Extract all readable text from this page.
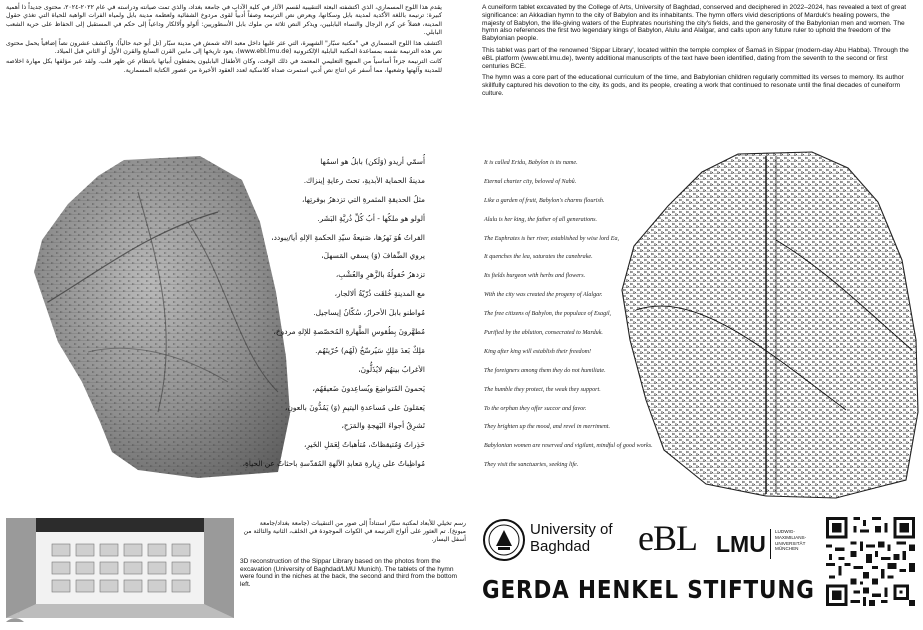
يقدم هذا اللوح المسماري، الذي اكتشفته البعثة التنقيبية لقسم الآثار في كلية الآداب في جامعة بغداد، والذي تمت صيانته ودراسته في عام ٢٠٢٢-٢٠٢٤، محتوى جديداً ذا أهمية كبيرة: ترنيمة باللغة الأكدية لمدينة بابل وسكانها، ويعرض نص الترنيمة وصفاً أدبياً لقوى مردوخ الشفائية ولعظمة مدينة بابل ولمياه الفرات الواهبة للحياة التي تغذي حقول المدينة، فضلاً عن كرم الرجال والنساء البابليين، ويذكر النص ثلاثة من ملوك بابل الأسطوريين: ألولو وألالكار وداعياً إلى حكم في المستقبل إلى الحفاظ على حرية الشعب البابلي.

اكتشف هذا اللوح المسماري في "مكتبة سبّار" الشهيرة، التي عثر عليها داخل معبد الاله شمش في مدينة سبّار (تل أبو حبة حالياً). واكتشف عشرون نصاً إضافياً يحمل محتوى نص هذه الترنيمة نفسه بمساعدة المكتبة البابلية الإلكترونية (www.ebl.lmu.de)، يعود تاريخها إلى مابين القرن السابع والقرن الأول أو الثاني قبل الميلاد.

كانت الترنيمة جزءاً أساسياً من المنهج التعليمي المعتمد في ذلك الوقت، وكان الأطفال البابليون يحفظون أبياتها بانتظام عن ظهر قلب. ولقد عبر مؤلفها بكل مهارة اخلاصه للمدينة وآلهتها وشعبها، مما أسفر عن انتاج نص أدبي استمرت صداه كلاسكية لعدد العقود الأخيرة من عصور الكتابة المسمارية.

A cuneiform tablet excavated by the College of Arts, University of Baghdad, conserved and deciphered in 2022–2024, has revealed a text of great significance: an Akkadian hymn to the city of Babylon and its inhabitants. The hymn offers vivid descriptions of Marduk's healing powers, the majesty of Babylon, the life-giving waters of the Euphrates nourishing the city's fields, and the generosity of the Babylonian men and women. The hymn also references the first two legendary kings of Babylon, Alulu and Alalgar, and calls upon any future ruler to uphold the freedom of the Babylonian people.

This tablet was part of the renowned 'Sippar Library', located within the temple complex of Šamaš in Sippar (modern-day Abu Habba). Through the eBL platform (www.ebl.lmu.de), twenty additional manuscripts of the text have been identified, dating from the seventh to the second or first centuries BCE.

The hymn was a core part of the educational curriculum of the time, and Babylonian children regularly committed its verses to memory. Its author skillfully captured his devotion to the city, its gods, and its people, creating a work that continued to resonate until the final decades of cuneiform culture.

أُسمّي أريدو (وَلَكن) بابلُ هو اسمُها	It is called Eridu, Babylon is its name.
مدينةُ الحماية الأبديةِ، تحتَ رعايةِ إينزاك.	Eternal charter city, beloved of Nabû.
مثلُ الحديقةِ المثمرةِ التي تزدهرُ بوفرتِها،	Like a garden of fruit, Babylon's charms flourish.
ألولو هو ملكُها - أبُ كُلِّ ذُريَّةِ البَشَر.	Alulu is her king, the father of all generations.
الفراتُ هُوَ نَهرُها، صَنيعةُ سيّدِ الحكمةِ الإلهِ أيا/يبودد،	The Euphrates is her river, established by wise lord Ea,
يروي الضِّفافَ (وَ) يسقي المَسهلَ،	It quenches the lea, saturates the canebrake.
تزدهرُ حُقولُهُ بالزَّهرِ والعُشْبِ،	Its fields burgeon with herbs and flowers.
مع المدينةِ خُلقَت ذُرّيّةُ ألالجار،	With the city was created the progeny of Alalgar.
مُواطنو بابلَ الأحرارُ، سُكّانُ إيساجيل.	The free citizens of Babylon, the populace of Esagil,
مُطهَّرونَ بِطُقوسِ الطَّهارةِ المُخصّصةِ للإلهِ مردوخ،	Purified by the ablution, consecrated to Marduk.
مَلِكٌ بَعدَ مَلِكٍ سَيُرسّخُ (لَهُم) حُرّيتَهُم.	King after king will establish their freedom!
الأغرابُ بينهُم لايُذَلُّونَ،	The foreigners among them they do not humiliate.
يَحمونَ المُتواضِعَ ويُساعِدونَ ضَعيفَهُم،	The humble they protect, the weak they support.
يَعمَلونَ على مُساعدةِ اليتيمِ (وَ) يَمُدُّونَ بالعونِ،	To the orphan they offer succor and favor.
تَشرِقُ أجواءَ البَهجةِ والمَرَحِ،	They brighten up the mood, and revel in merriment.
حَذِراتٌ وَمُتيقظاتٌ، مُتأهباتٌ لِعَمَلِ الخَيرِ،	Babylonian women are reserved and vigilant, mindful of good works.
مُواظِباتٌ على زِيارةِ مَعابدِ الآلهةِ المُقدّسةِ باحثاتٌ عن الحياةِ،	They visit the sanctuaries, seeking life.
رسم تخيلي للأبعاد لمكتبة سبّار استناداً إلى صور من التنقيبات (جامعة بغداد/جامعة ميونخ). تم العثور على ألواح الترنيمة في الكوات الموجودة في الخلف، الثانية والثالثة من أسفل اليسار.
3D reconstruction of the Sippar Library based on the photos from the excavation (University of Baghdad/LMU Munich). The tablets of the hymn were found in the niches at the back, the second and third from the bottom left.
University of
Baghdad eBL LMU LUDWIG-
MAXIMILIANS-
UNIVERSITÄT
MÜNCHEN
GERDA HENKEL STIFTUNG
